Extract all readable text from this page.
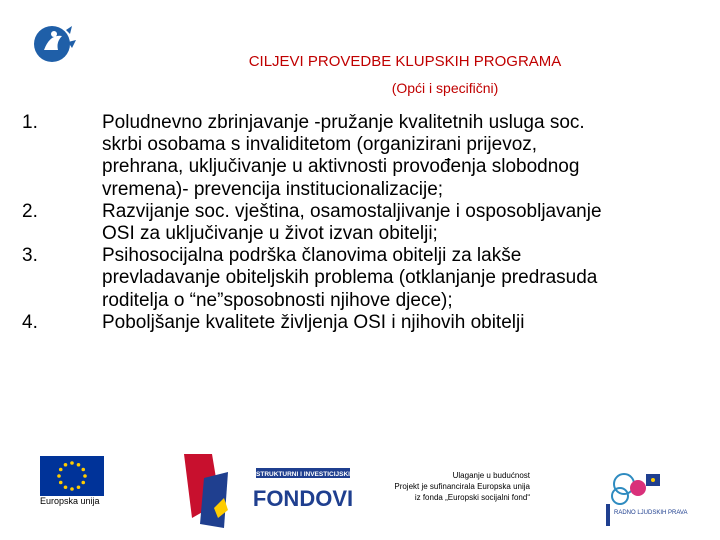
CILJEVI PROVEDBE KLUPSKIH PROGRAMA
(Opći i specifični)
1.	Poludnevno zbrinjavanje -pružanje kvalitetnih usluga soc.
skrbi osobama s invaliditetom (organizirani prijevoz,
prehrana, uključivanje u aktivnosti provođenja slobodnog
vremena)- prevencija institucionalizacije;
2.	Razvijanje soc. vještina, osamostaljivanje i osposobljavanje
OSI za uključivanje u život izvan obitelji;
3.	Psihosocijalna podrška članovima obitelji za lakše
prevladavanje obiteljskih problema (otklanjanje predrasuda
roditelja o “ne”sposobnosti njihove djece);
4.	Poboljšanje kvalitete življenja OSI i njihovih obitelji
Europska unija
STRUKTURNI I INVESTICIJSKI
FONDOVI
Ulaganje u budućnost
Projekt je sufinancirala Europska unija
iz fonda „Europski socijalni fond“
RADNO LJUDSKIH PRAVA
